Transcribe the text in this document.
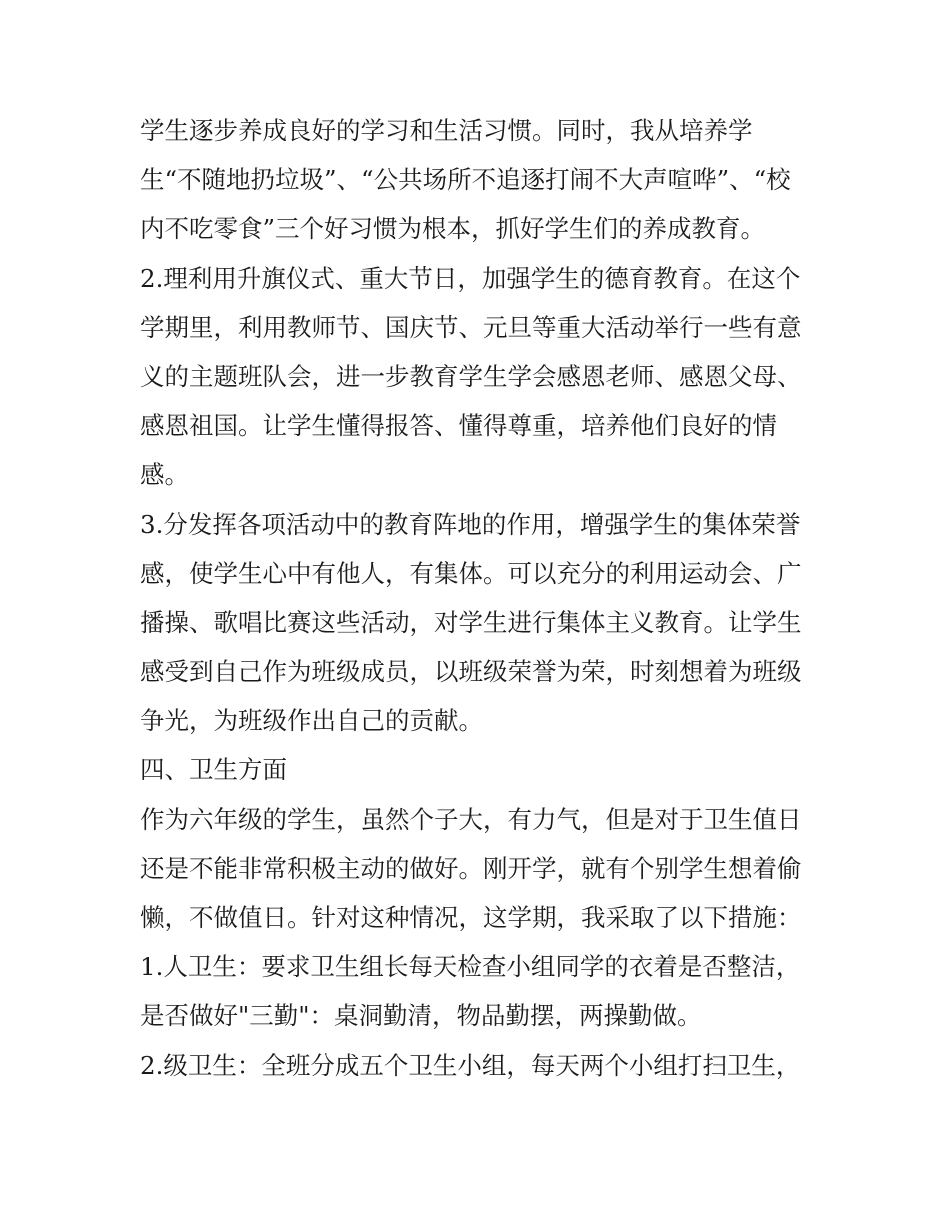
学生逐步养成良好的学习和生活习惯。同时，我从培养学
生“不随地扔垃圾”、“公共场所不追逐打闹不大声喧哗”、“校
内不吃零食”三个好习惯为根本，抓好学生们的养成教育。
2.理利用升旗仪式、重大节日，加强学生的德育教育。在这个
学期里，利用教师节、国庆节、元旦等重大活动举行一些有意
义的主题班队会，进一步教育学生学会感恩老师、感恩父母、
感恩祖国。让学生懂得报答、懂得尊重，培养他们良好的情
感。
3.分发挥各项活动中的教育阵地的作用，增强学生的集体荣誉
感，使学生心中有他人，有集体。可以充分的利用运动会、广
播操、歌唱比赛这些活动，对学生进行集体主义教育。让学生
感受到自己作为班级成员，以班级荣誉为荣，时刻想着为班级
争光，为班级作出自己的贡献。
四、卫生方面
作为六年级的学生，虽然个子大，有力气，但是对于卫生值日
还是不能非常积极主动的做好。刚开学，就有个别学生想着偷
懒，不做值日。针对这种情况，这学期，我采取了以下措施：
1.人卫生：要求卫生组长每天检查小组同学的衣着是否整洁，
是否做好"三勤"：桌洞勤清，物品勤摆，两操勤做。
2.级卫生：全班分成五个卫生小组，每天两个小组打扫卫生，
